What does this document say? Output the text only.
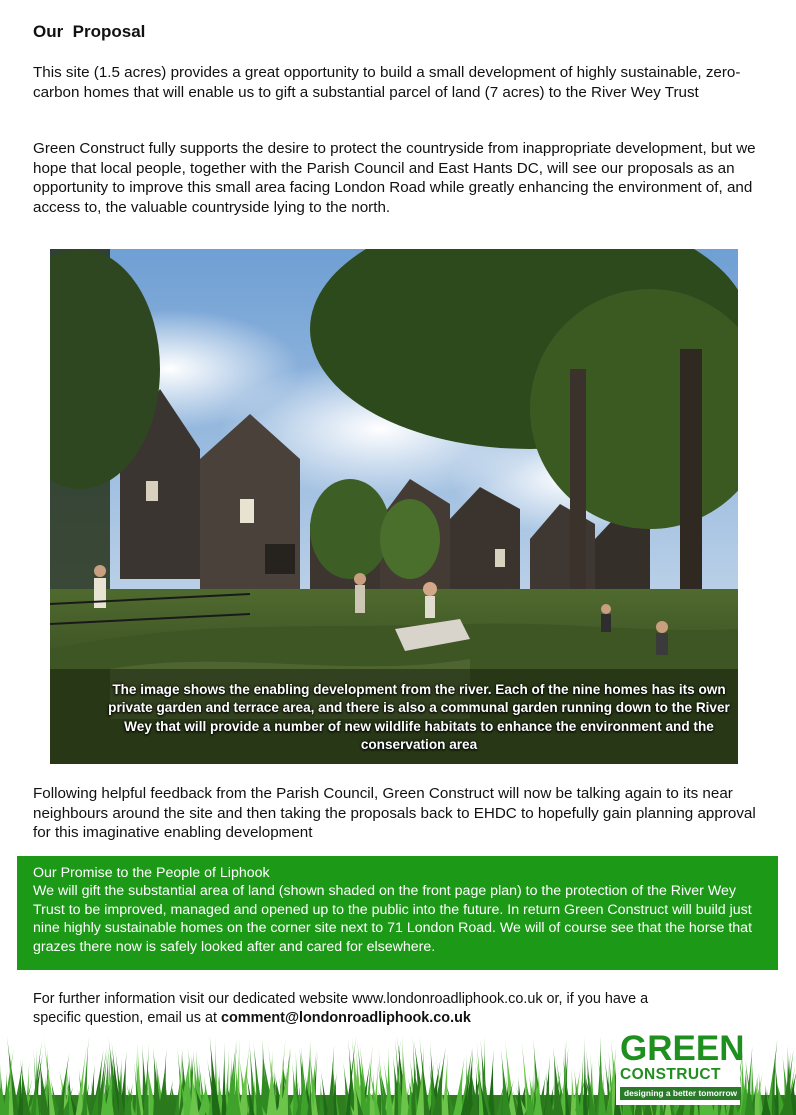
Our  Proposal

This site (1.5 acres) provides a great opportunity to build a small development of highly sustainable, zero-carbon homes that will enable us to gift a substantial parcel of land (7 acres) to the River Wey Trust

Green Construct fully supports the desire to protect the countryside from inappropriate development, but we hope that local people, together with the Parish Council and East Hants DC, will see our proposals as an opportunity to improve this small area facing London Road while greatly enhancing the environment of, and access to, the valuable countryside lying to the north.

The image shows the enabling development from the river. Each of the nine homes has its own private garden and terrace area, and there is also a communal garden running down to the River Wey that will provide a number of new wildlife habitats to enhance the environment and the conservation area

Following helpful feedback from the Parish Council, Green Construct will now be talking again to its near neighbours around the site and then taking the proposals back to EHDC to hopefully gain planning approval for this imaginative enabling development

Our Promise to the People of Liphook

We will gift the substantial area of land (shown shaded on the front page plan) to the protection of the River Wey Trust to be improved, managed and opened up to the public into the future. In return Green Construct will build just nine highly sustainable homes on the corner site next to 71 London Road. We will of course see that the horse that grazes there now is safely looked after and cared for elsewhere.

For further information visit our dedicated website www.londonroadliphook.co.uk or, if you have a specific question, email us at comment@londonroadliphook.co.uk

GREEN
CONSTRUCT
designing a better tomorrow
